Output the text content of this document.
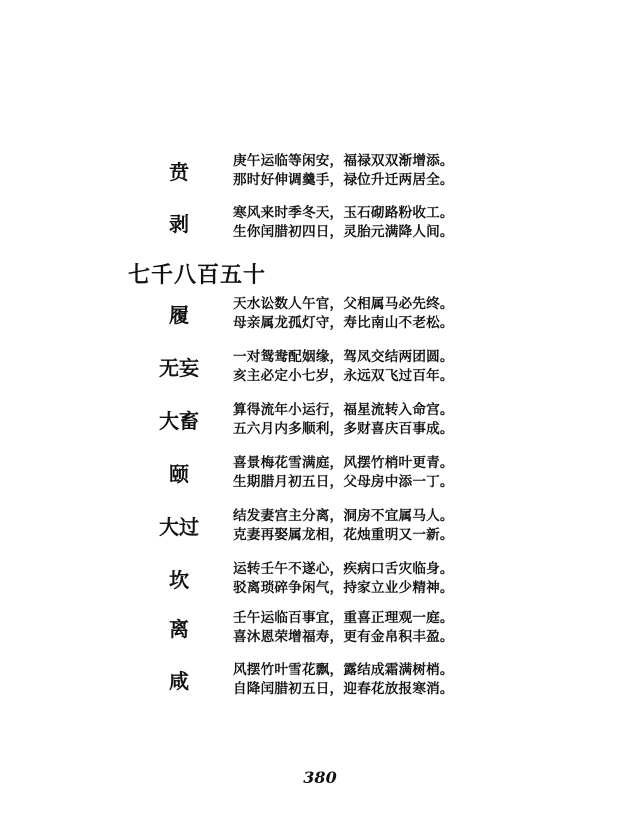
贲	庚午运临等闲安，福禄双双渐增添。
那时好伸调羹手，禄位升迁两居全。
剥	寒风来时季冬天，玉石砌路粉收工。
生你闰腊初四日，灵胎元满降人间。
七千八百五十
履	天水讼数人午官，父相属马必先终。
母亲属龙孤灯守，寿比南山不老松。
无妄	一对鸳鸯配姻缘，驾凤交结两团圆。
亥主必定小七岁，永远双飞过百年。
大畜	算得流年小运行，福星流转入命宫。
五六月内多顺利，多财喜庆百事成。
颐	喜景梅花雪满庭，风摆竹梢叶更青。
生期腊月初五日，父母房中添一丁。
大过	结发妻宫主分离，洞房不宜属马人。
克妻再娶属龙相，花烛重明又一新。
坎	运转壬午不遂心，疾病口舌灾临身。
驳离琐碎争闲气，持家立业少精神。
离	壬午运临百事宜，重喜正理观一庭。
喜沐恩荣增福寿，更有金帛积丰盈。
咸	风摆竹叶雪花飘，露结成霜满树梢。
自降闰腊初五日，迎春花放报寒消。
380
